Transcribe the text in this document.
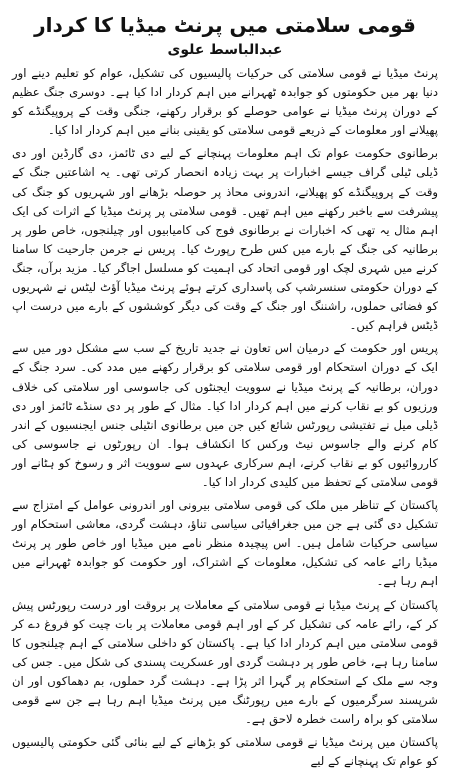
قومی سلامتی میں پرنٹ میڈیا کا کردار
عبدالباسط علوی

پرنٹ میڈیا نے قومی سلامتی کی حرکیات پالیسیوں کی تشکیل، عوام کو تعلیم دینے اور دنیا بھر میں حکومتوں کو جوابدہ ٹھہرانے میں اہم کردار ادا کیا ہے۔ دوسری جنگ عظیم کے دوران پرنٹ میڈیا نے عوامی حوصلے کو برقرار رکھنے، جنگی وقت کے پروپیگنڈے کو پھیلانے اور معلومات کے ذریعے قومی سلامتی کو یقینی بنانے میں اہم کردار ادا کیا۔

برطانوی حکومت عوام تک اہم معلومات پہنچانے کے لیے دی ٹائمز، دی گارڈین اور دی ڈیلی ٹیلی گراف جیسے اخبارات پر بہت زیادہ انحصار کرتی تھی۔ یہ اشاعتیں جنگ کے وقت کے پروپیگنڈے کو پھیلانے، اندرونی محاذ پر حوصلہ بڑھانے اور شہریوں کو جنگ کی پیشرفت سے باخبر رکھنے میں اہم تھیں۔ قومی سلامتی پر پرنٹ میڈیا کے اثرات کی ایک اہم مثال یہ تھی کہ اخبارات نے برطانوی فوج کی کامیابیوں اور چیلنجوں، خاص طور پر برطانیہ کی جنگ کے بارے میں کس طرح رپورٹ کیا۔ پریس نے جرمن جارحیت کا سامنا کرنے میں شہری لچک اور قومی اتحاد کی اہمیت کو مسلسل اجاگر کیا۔ مزید برآں، جنگ کے دوران حکومتی سنسرشپ کی پاسداری کرتے ہوئے پرنٹ میڈیا آؤٹ لیٹس نے شہریوں کو فضائی حملوں، راشننگ اور جنگ کے وقت کی دیگر کوششوں کے بارے میں درست اپ ڈیٹس فراہم کیں۔

پریس اور حکومت کے درمیان اس تعاون نے جدید تاریخ کے سب سے مشکل دور میں سے ایک کے دوران استحکام اور قومی سلامتی کو برقرار رکھنے میں مدد کی۔ سرد جنگ کے دوران، برطانیہ کے پرنٹ میڈیا نے سوویت ایجنٹوں کی جاسوسی اور سلامتی کی خلاف ورزیوں کو بے نقاب کرنے میں اہم کردار ادا کیا۔ مثال کے طور پر دی سنڈے ٹائمز اور دی ڈیلی میل نے تفتیشی رپورٹس شائع کیں جن میں برطانوی انٹیلی جنس ایجنسیوں کے اندر کام کرنے والے جاسوس نیٹ ورکس کا انکشاف ہوا۔ ان رپورٹوں نے جاسوسی کی کارروائیوں کو بے نقاب کرنے، اہم سرکاری عہدوں سے سوویت اثر و رسوخ کو ہٹانے اور قومی سلامتی کے تحفظ میں کلیدی کردار ادا کیا۔

پاکستان کے تناظر میں ملک کی قومی سلامتی بیرونی اور اندرونی عوامل کے امتزاج سے تشکیل دی گئی ہے جن میں جغرافیائی سیاسی تناؤ، دہشت گردی، معاشی استحکام اور سیاسی حرکیات شامل ہیں۔ اس پیچیدہ منظر نامے میں میڈیا اور خاص طور پر پرنٹ میڈیا رائے عامہ کی تشکیل، معلومات کے اشتراک، اور حکومت کو جوابدہ ٹھہرانے میں اہم رہا ہے۔

پاکستان کے پرنٹ میڈیا نے قومی سلامتی کے معاملات پر بروقت اور درست رپورٹس پیش کر کے، رائے عامہ کی تشکیل کر کے اور اہم قومی معاملات پر بات چیت کو فروغ دے کر قومی سلامتی میں اہم کردار ادا کیا ہے۔ پاکستان کو داخلی سلامتی کے اہم چیلنجوں کا سامنا رہا ہے، خاص طور پر دہشت گردی اور عسکریت پسندی کی شکل میں۔ جس کی وجہ سے ملک کے استحکام پر گہرا اثر پڑا ہے۔ دہشت گرد حملوں، بم دھماکوں اور ان شرپسند سرگرمیوں کے بارے میں رپورٹنگ میں پرنٹ میڈیا اہم رہا ہے جن سے قومی سلامتی کو براہ راست خطرہ لاحق ہے۔

پاکستان میں پرنٹ میڈیا نے قومی سلامتی کو بڑھانے کے لیے بنائی گئی حکومتی پالیسیوں کو عوام تک پہنچانے کے لیے
